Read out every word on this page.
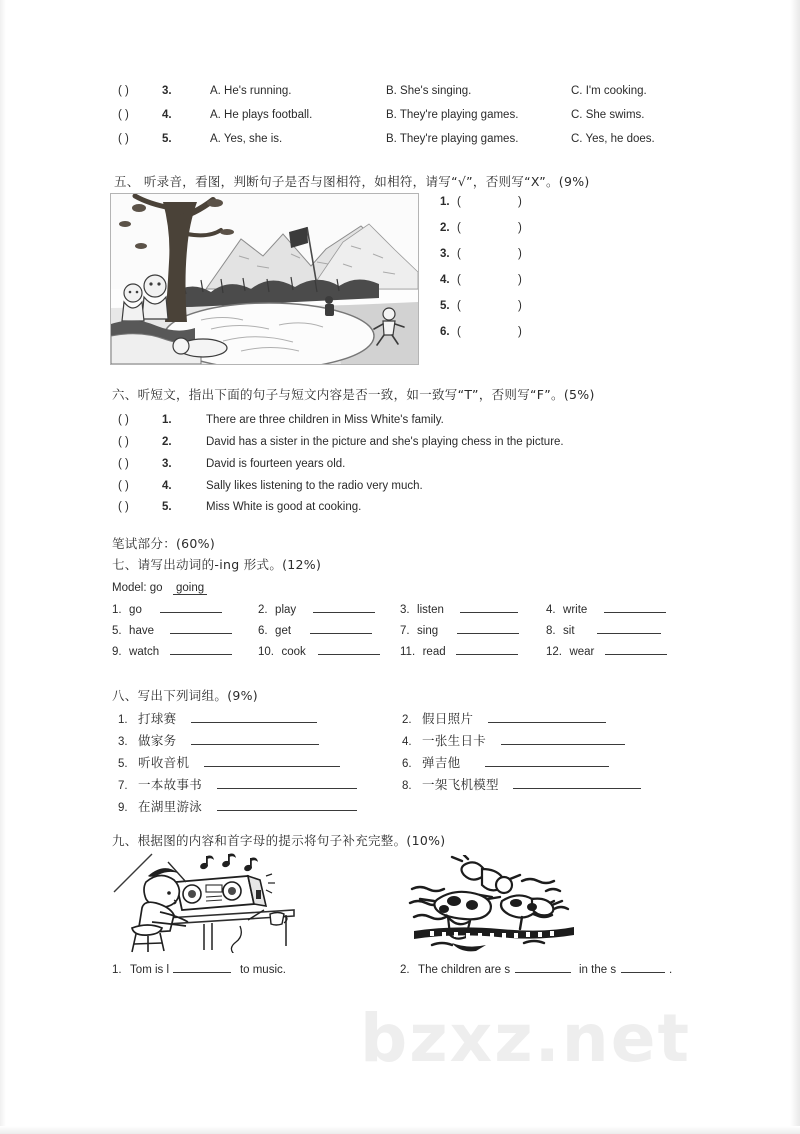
( )	3.	A. He's running.	B. She's singing.	C. I'm cooking.
( )	4.	A. He plays football.	B. They're playing games.	C. She swims.
( )	5.	A. Yes, she is.	B. They're playing games.	C. Yes, he does.
五、 听录音，看图，判断句子是否与图相符，如相符，请写“√”，否则写“X”。(9%)
1. (	)
2. (	)
3. (	)
4. (	)
5. (	)
6. (	)
六、听短文，指出下面的句子与短文内容是否一致，如一致写“T”，否则写“F”。(5%)
( )	1.	There are three children in Miss White's family.
( )	2.	David has a sister in the picture and she's playing chess in the picture.
( )	3.	David is fourteen years old.
( )	4.	Sally likes listening to the radio very much.
( )	5.	Miss White is good at cooking.
笔试部分：(60%)
七、请写出动词的-ing 形式。(12%)
Model: go going
1. go	2. play	3. listen	4. write
5. have	6. get	7. sing	8. sit
9. watch	10. cook	11. read	12. wear
八、写出下列词组。(9%)
1. 打球赛	2. 假日照片
3. 做家务	4. 一张生日卡
5. 听收音机	6. 弹吉他
7. 一本故事书	8. 一架飞机模型
9. 在湖里游泳
九、根据图的内容和首字母的提示将句子补充完整。(10%)
1. Tom is l	to music.	2. The children are s	in the s	.
bzxz.net
